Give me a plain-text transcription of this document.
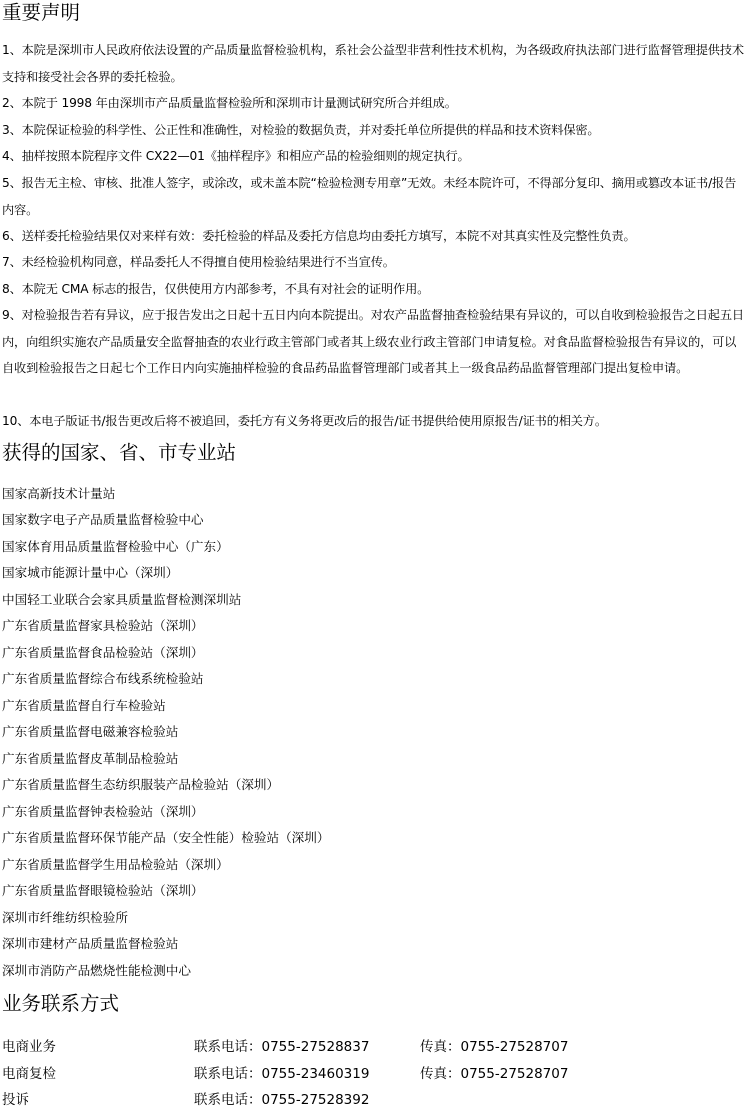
重要声明
1、本院是深圳市人民政府依法设置的产品质量监督检验机构，系社会公益型非营利性技术机构，为各级政府执法部门进行监督管理提供技术支持和接受社会各界的委托检验。
2、本院于 1998 年由深圳市产品质量监督检验所和深圳市计量测试研究所合并组成。
3、本院保证检验的科学性、公正性和准确性，对检验的数据负责，并对委托单位所提供的样品和技术资料保密。
4、抽样按照本院程序文件 CX22—01《抽样程序》和相应产品的检验细则的规定执行。
5、报告无主检、审核、批准人签字，或涂改，或未盖本院“检验检测专用章”无效。未经本院许可，不得部分复印、摘用或篡改本证书/报告内容。
6、送样委托检验结果仅对来样有效：委托检验的样品及委托方信息均由委托方填写，本院不对其真实性及完整性负责。
7、未经检验机构同意，样品委托人不得擅自使用检验结果进行不当宣传。
8、本院无 CMA 标志的报告，仅供使用方内部参考，不具有对社会的证明作用。
9、对检验报告若有异议，应于报告发出之日起十五日内向本院提出。对农产品监督抽查检验结果有异议的，可以自收到检验报告之日起五日内，向组织实施农产品质量安全监督抽查的农业行政主管部门或者其上级农业行政主管部门申请复检。对食品监督检验报告有异议的，可以自收到检验报告之日起七个工作日内向实施抽样检验的食品药品监督管理部门或者其上一级食品药品监督管理部门提出复检申请。
10、本电子版证书/报告更改后将不被追回，委托方有义务将更改后的报告/证书提供给使用原报告/证书的相关方。
获得的国家、省、市专业站
国家高新技术计量站
国家数字电子产品质量监督检验中心
国家体育用品质量监督检验中心（广东）
国家城市能源计量中心（深圳）
中国轻工业联合会家具质量监督检测深圳站
广东省质量监督家具检验站（深圳）
广东省质量监督食品检验站（深圳）
广东省质量监督综合布线系统检验站
广东省质量监督自行车检验站
广东省质量监督电磁兼容检验站
广东省质量监督皮革制品检验站
广东省质量监督生态纺织服装产品检验站（深圳）
广东省质量监督钟表检验站（深圳）
广东省质量监督环保节能产品（安全性能）检验站（深圳）
广东省质量监督学生用品检验站（深圳）
广东省质量监督眼镜检验站（深圳）
深圳市纤维纺织检验所
深圳市建材产品质量监督检验站
深圳市消防产品燃烧性能检测中心
业务联系方式
电商业务	联系电话：0755-27528837	传真：0755-27528707
电商复检	联系电话：0755-23460319	传真：0755-27528707
投诉	联系电话：0755-27528392
